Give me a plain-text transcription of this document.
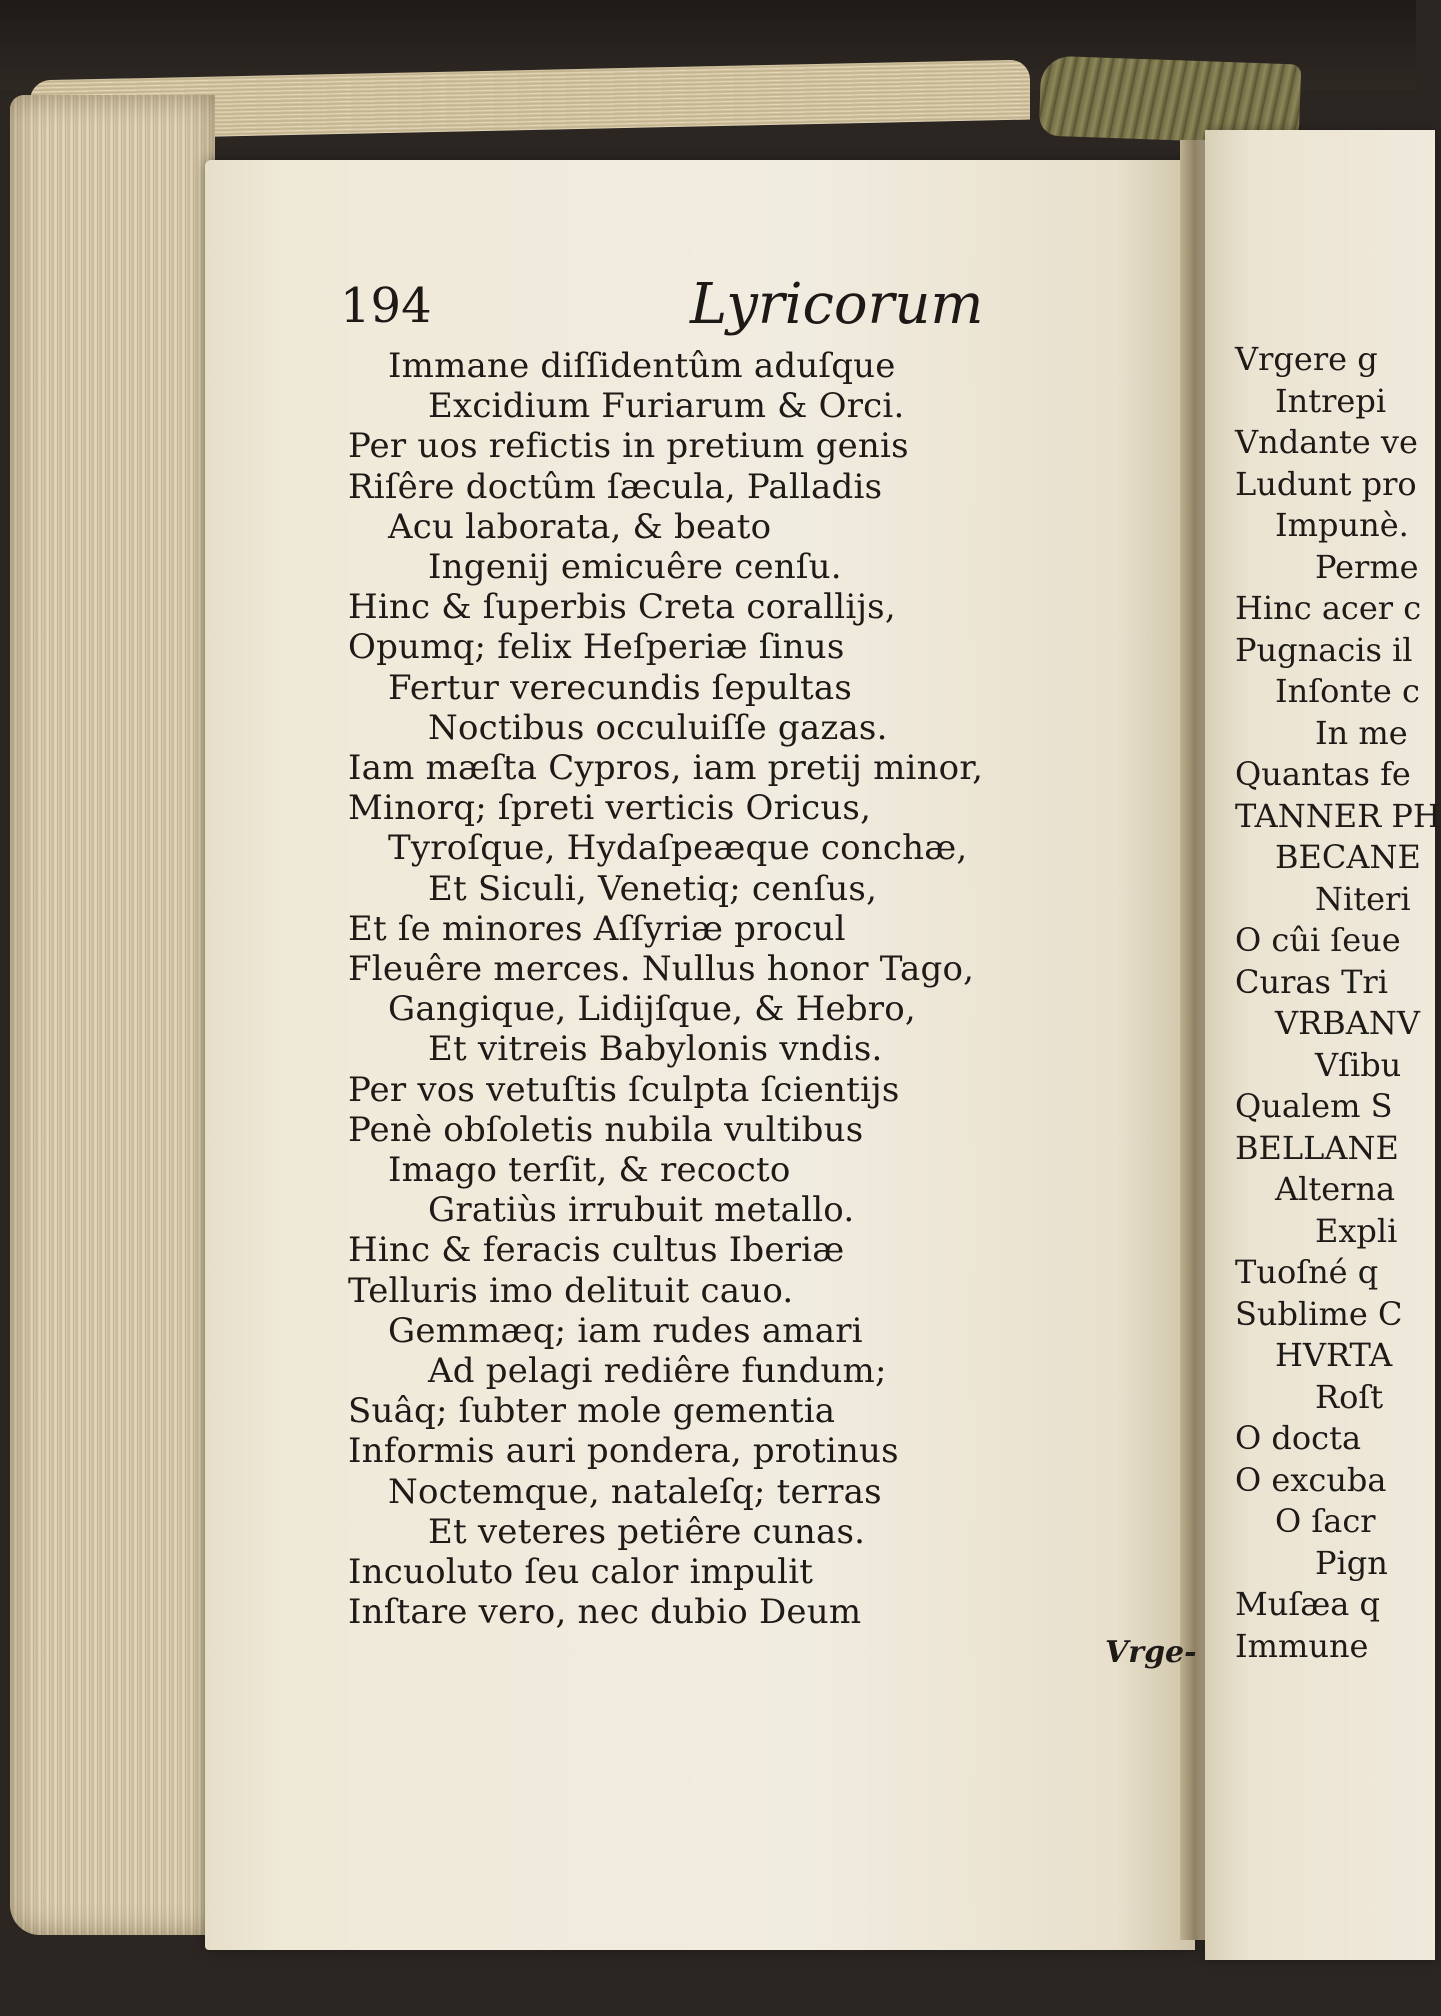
194	Lyricorum
Immane diſſidentûm aduſque
Excidium Furiarum & Orci.
Per uos refictis in pretium genis
Riſêre doctûm ſæcula, Palladis
Acu laborata, & beato
Ingenij emicuêre cenſu.
Hinc & ſuperbis Creta corallijs,
Opumq; felix Heſperiæ ſinus
Fertur verecundis ſepultas
Noctibus occuluiſſe gazas.
Iam mæſta Cypros, iam pretij minor,
Minorq; ſpreti verticis Oricus,
Tyroſque, Hydaſpeæque conchæ,
Et Siculi, Venetiq; cenſus,
Et ſe minores Aſſyriæ procul
Fleuêre merces. Nullus honor Tago,
Gangique, Lidijſque, & Hebro,
Et vitreis Babylonis vndis.
Per vos vetuſtis ſculpta ſcientijs
Penè obſoletis nubila vultibus
Imago terſit, & recocto
Gratiùs irrubuit metallo.
Hinc & feracis cultus Iberiæ
Telluris imo delituit cauo.
Gemmæq; iam rudes amari
Ad pelagi rediêre fundum;
Suâq; ſubter mole gementia
Informis auri pondera, protinus
Noctemque, nataleſq; terras
Et veteres petiêre cunas.
Incuoluto ſeu calor impulit
Inſtare vero, nec dubio Deum
Vrge-
Vrgere g
Intrepi
Vndante ve
Ludunt pro
Impunè.
Perme
Hinc acer c
Pugnacis il
Inſonte c
In me
Quantas fe
TANNER PH
BECANE
Niteri
O cûi ſeue
Curas Tri
VRBANV
Vſibu
Qualem S
BELLANE
Alterna
Expli
Tuoſné q
Sublime C
HVRTA
Roſt
O docta
O excuba
O ſacr
Pign
Muſæa q
Immune
